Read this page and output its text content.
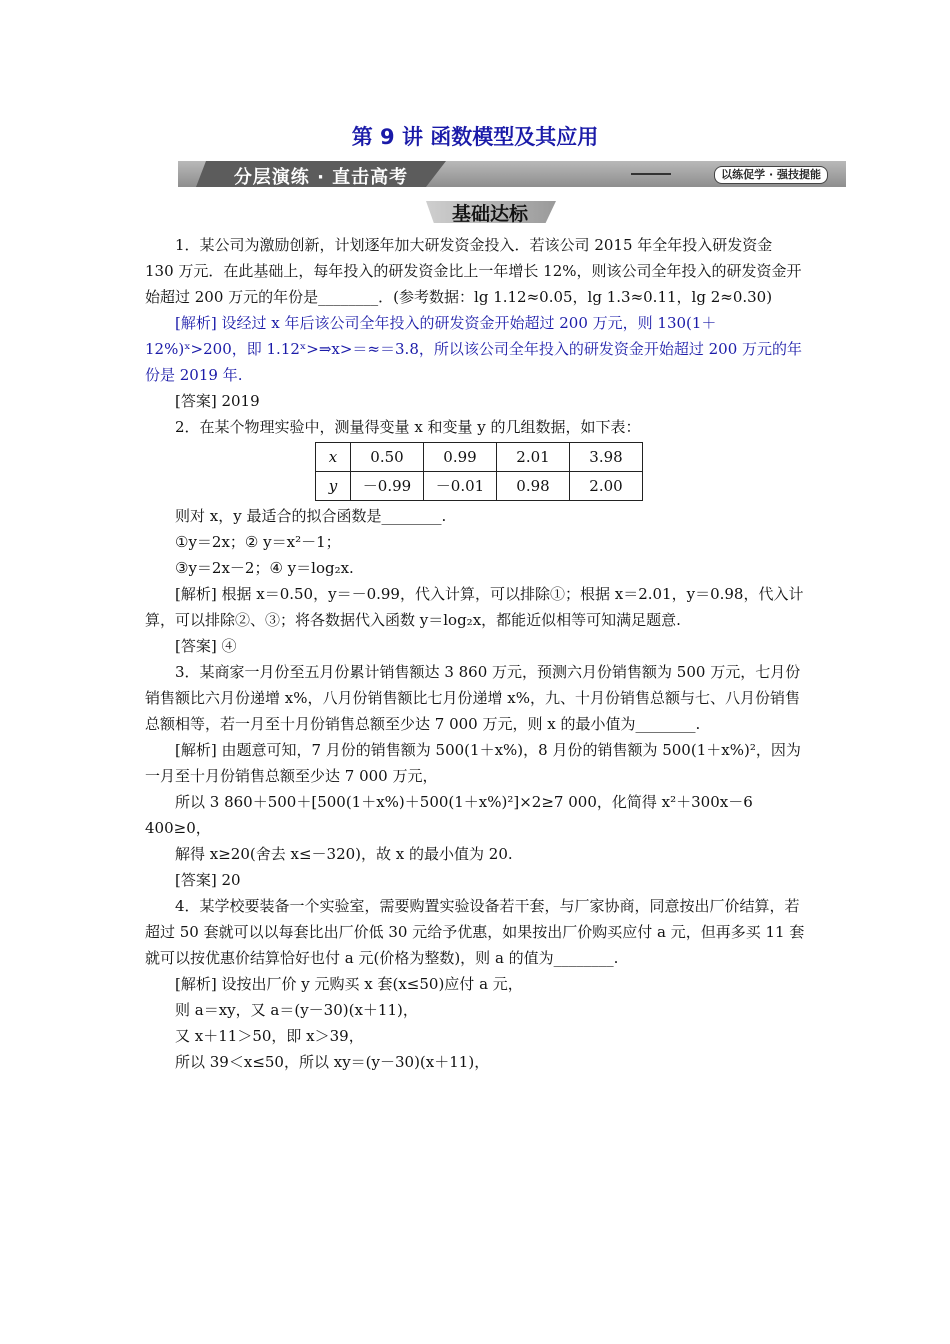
第 9 讲 函数模型及其应用
分层演练 · 直击高考	以练促学 · 强技提能
基础达标

1．某公司为激励创新，计划逐年加大研发资金投入．若该公司 2015 年全年投入研发资金 130 万元．在此基础上，每年投入的研发资金比上一年增长 12%，则该公司全年投入的研发资金开始超过 200 万元的年份是________．(参考数据：lg 1.12≈0.05，lg 1.3≈0.11，lg 2≈0.30)

[解析] 设经过 x 年后该公司全年投入的研发资金开始超过 200 万元，则 130(1＋12%)ˣ>200，即 1.12ˣ>⇒x>＝≈＝3.8，所以该公司全年投入的研发资金开始超过 200 万元的年份是 2019 年.

[答案] 2019

2．在某个物理实验中，测量得变量 x 和变量 y 的几组数据，如下表：

x	0.50	0.99	2.01	3.98
y	－0.99	－0.01	0.98	2.00

则对 x，y 最适合的拟合函数是________.

①y＝2x；② y＝x²－1；

③y＝2x－2；④ y＝log₂x.

[解析] 根据 x＝0.50，y＝－0.99，代入计算，可以排除①；根据 x＝2.01，y＝0.98，代入计算，可以排除②、③；将各数据代入函数 y＝log₂x，都能近似相等可知满足题意.

[答案] ④

3．某商家一月份至五月份累计销售额达 3 860 万元，预测六月份销售额为 500 万元，七月份销售额比六月份递增 x%，八月份销售额比七月份递增 x%，九、十月份销售总额与七、八月份销售总额相等，若一月至十月份销售总额至少达 7 000 万元，则 x 的最小值为________.

[解析] 由题意可知，7 月份的销售额为 500(1＋x%)，8 月份的销售额为 500(1＋x%)²，因为一月至十月份销售总额至少达 7 000 万元，

所以 3 860＋500＋[500(1＋x%)＋500(1＋x%)²]×2≥7 000，化简得 x²＋300x－6 400≥0，

解得 x≥20(舍去 x≤－320)，故 x 的最小值为 20.

[答案] 20

4．某学校要装备一个实验室，需要购置实验设备若干套，与厂家协商，同意按出厂价结算，若超过 50 套就可以以每套比出厂价低 30 元给予优惠，如果按出厂价购买应付 a 元，但再多买 11 套就可以按优惠价结算恰好也付 a 元(价格为整数)，则 a 的值为________.

[解析] 设按出厂价 y 元购买 x 套(x≤50)应付 a 元，

则 a＝xy，又 a＝(y－30)(x＋11)，

又 x＋11＞50，即 x＞39，

所以 39＜x≤50，所以 xy＝(y－30)(x＋11)，
